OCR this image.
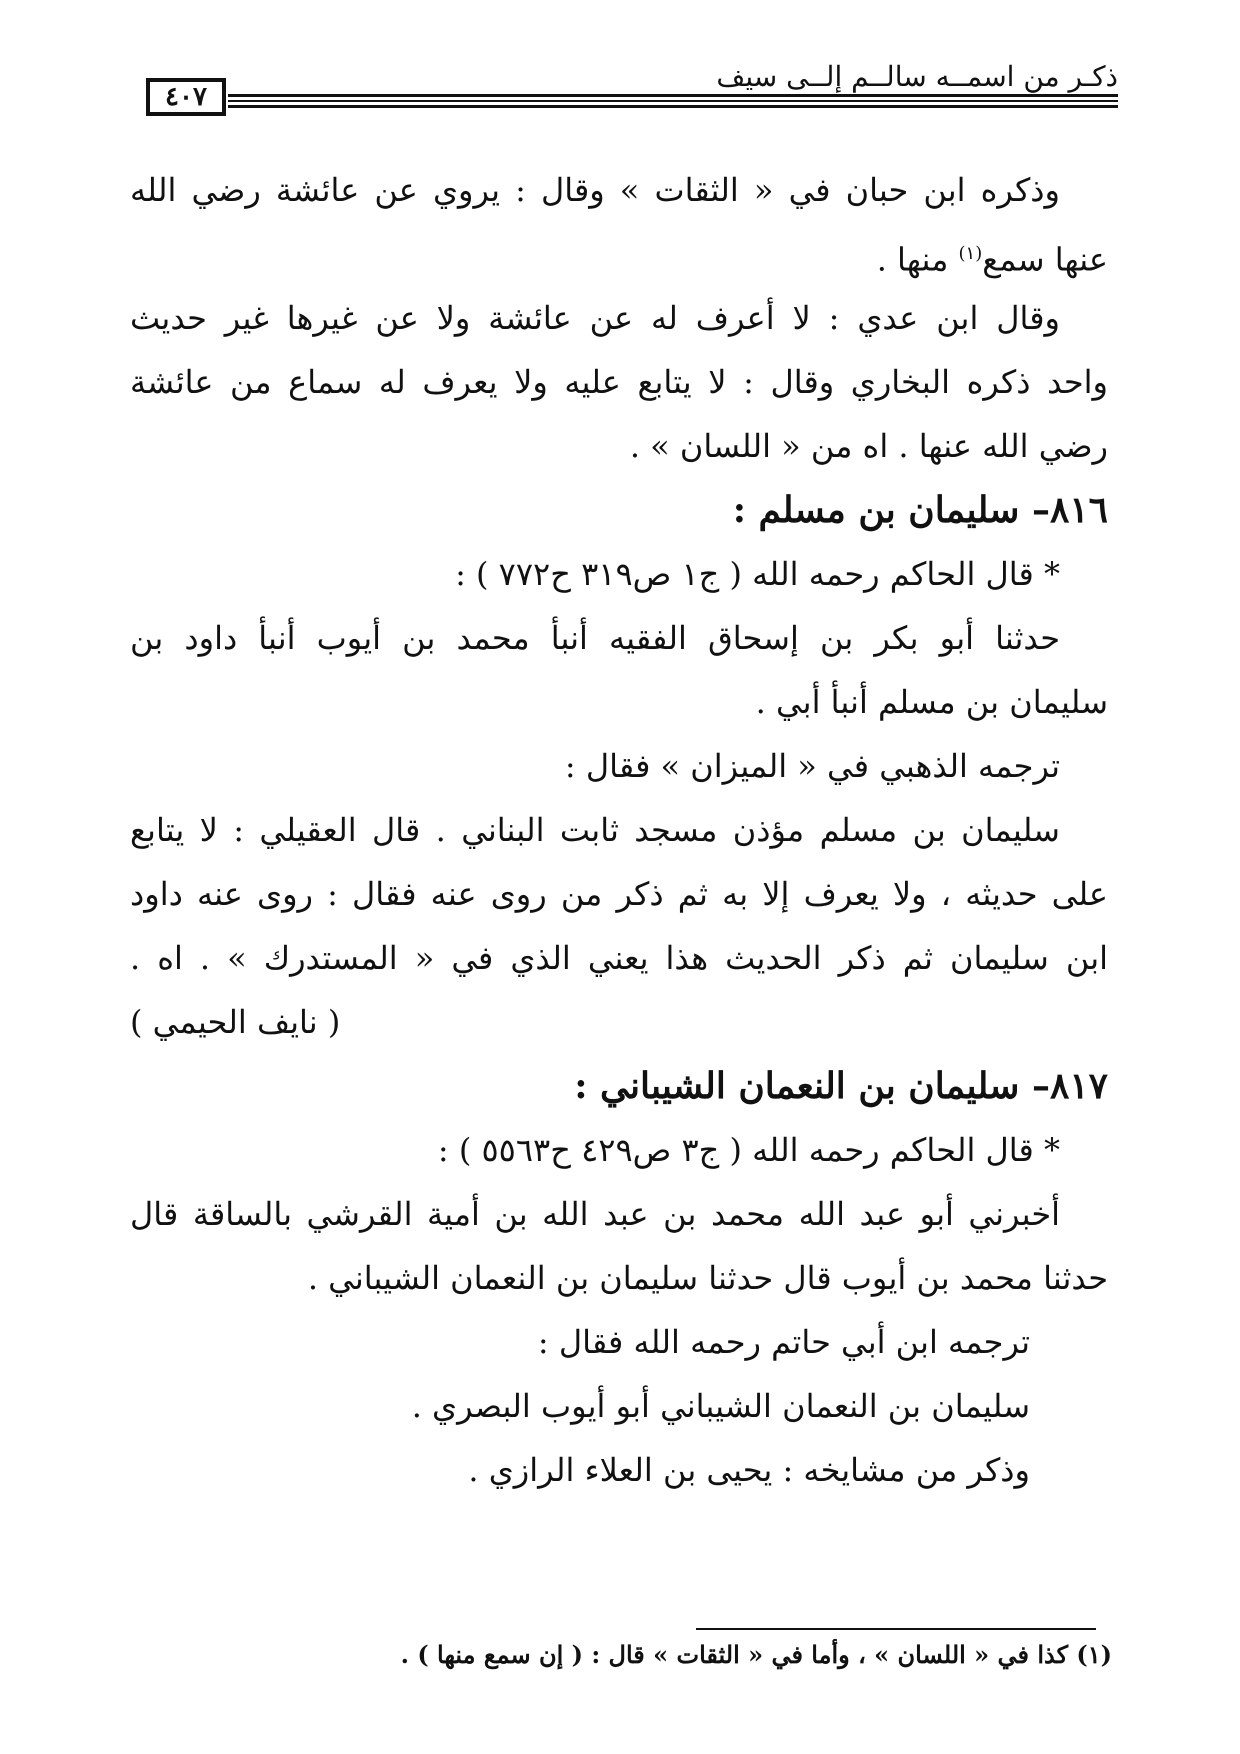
ذكـر من اسمــه سالــم إلــى سيف
٤٠٧
وذكره ابن حبان في « الثقات » وقال : يروي عن عائشة رضي الله
عنها سمع$^{(١)}$ منها .
وقال ابن عدي : لا أعرف له عن عائشة ولا عن غيرها غير حديث
واحد ذكره البخاري وقال : لا يتابع عليه ولا يعرف له سماع من عائشة
رضي الله عنها . اه من « اللسان » .
٨١٦– سليمان بن مسلم :
* قال الحاكم رحمه الله ( ج١ ص٣١٩ ح٧٧٢ ) :
حدثنا أبو بكر بن إسحاق الفقيه أنبأ محمد بن أيوب أنبأ داود بن
سليمان بن مسلم أنبأ أبي .
ترجمه الذهبي في « الميزان » فقال :
سليمان بن مسلم مؤذن مسجد ثابت البناني . قال العقيلي : لا يتابع
على حديثه ، ولا يعرف إلا به ثم ذكر من روى عنه فقال : روى عنه داود
ابن سليمان ثم ذكر الحديث هذا يعني الذي في « المستدرك » . اه .
( نايف الحيمي )
٨١٧– سليمان بن النعمان الشيباني :
* قال الحاكم رحمه الله ( ج٣ ص٤٢٩ ح٥٥٦٣ ) :
أخبرني أبو عبد الله محمد بن عبد الله بن أمية القرشي بالساقة قال
حدثنا محمد بن أيوب قال حدثنا سليمان بن النعمان الشيباني .
ترجمه ابن أبي حاتم رحمه الله فقال :
سليمان بن النعمان الشيباني أبو أيوب البصري .
وذكر من مشايخه : يحيى بن العلاء الرازي .
(١) كذا في « اللسان » ، وأما في « الثقات » قال : ( إن سمع منها ) .
